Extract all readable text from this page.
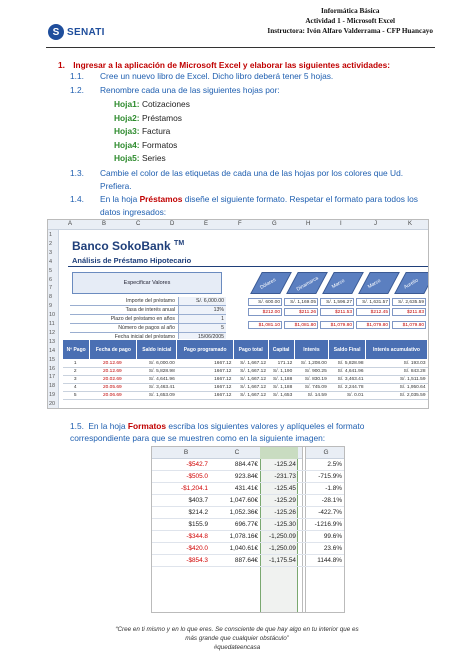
S SENATI
Informática Básica
Actividad 1 - Microsoft Excel
Instructora: Ivón Alfaro Valderrama - CFP Huancayo
1. Ingresar a la aplicación de Microsoft Excel y elaborar las siguientes actividades:
1.1. Cree un nuevo libro de Excel. Dicho libro deberá tener 5 hojas.
1.2. Renombre cada una de las siguientes hojas por:
Hoja1: Cotizaciones
Hoja2: Préstamos
Hoja3: Factura
Hoja4: Formatos
Hoja5: Series
1.3. Cambie el color de las etiquetas de cada una de las hojas por los colores que Ud.
Prefiera.
1.4. En la hoja Préstamos diseñe el siguiente formato. Respetar el formato para todos los
datos ingresados:
A	B	C	D	E	F	G	H	I	J	K
1
2
3
4
5
6
7
8
9
10
11
12
13
14
15
16
17
18
19
20
Banco SokoBank ™
Análisis de Préstamo Hipotecario
Especificar Valores
Importe del préstamo	S/. 6,000.00
Tasa de interés anual	13%
Plazo del préstamo en años	1
Número de pagos al año	5
Fecha inicial del préstamo	15/06/2005
Dólares	Dinamarca Marco	Marco	Aurelio
S/. 600.00	S/. 1,169.05	S/. 1,596.27	S/. 1,631.57	S/. 2,635.59
$212.00	$211.26	$211.53	$212.45	$211.83
$1,081.10	$1,081.80	$1,079.80	$1,079.80	$1,079.80
Nº Pago	Fecha de pago	Saldo inicial	Pago programado	Pago total	Capital	Interés	Saldo Final	Interés acumulativo
1	20.12.69	S/. 6,000.00	1667.12	S/. 1,667.12	171.12	S/. 1,208.00	S/. 5,828.98	S/. 193.03
2	20.12.69	S/. 5,828.98	1667.12	S/. 1,667.12	S/. 1,190	S/. 900.25	S/. 4,641.96	S/. 843.28
3	20.02.69	S/. 4,641.96	1667.12	S/. 1,667.12	S/. 1,188	S/. 830.19	S/. 3,463.41	S/. 1,511.59
4	20.05.69	S/. 3,463.41	1667.12	S/. 1,667.12	S/. 1,188	S/. 745.09	S/. 2,244.78	S/. 1,950.64
5	20.06.69	S/. 1,653.09	1667.12	S/. 1,667.12	S/. 1,653	S/. 14.59	S/. 0.01	S/. 2,035.59
1.5. En la hoja Formatos escriba los siguientes valores y aplíqueles el formato correspondiente para que se muestren como en la siguiente imagen:
B	C	G
-$542.7	884.47€	-125.24	2.5%
-$505.0	923.84€	-231.73	-715.9%
-$1,204.1	431.41€	-125.45	-1.8%
$403.7	1,047.60€	-125.29	-28.1%
$214.2	1,052.36€	-125.26	-422.7%
$155.9	696.77€	-125.30	-1216.9%
-$344.8	1,078.16€	-1,250.09	99.6%
-$420.0	1,040.61€	-1,250.09	23.6%
-$854.3	887.64€	-1,175.54	1144.8%
“Cree en ti mismo y en lo que eres. Se consciente de que hay algo en tu interior que es
más grande que cualquier obstáculo”
#quedateencasa
